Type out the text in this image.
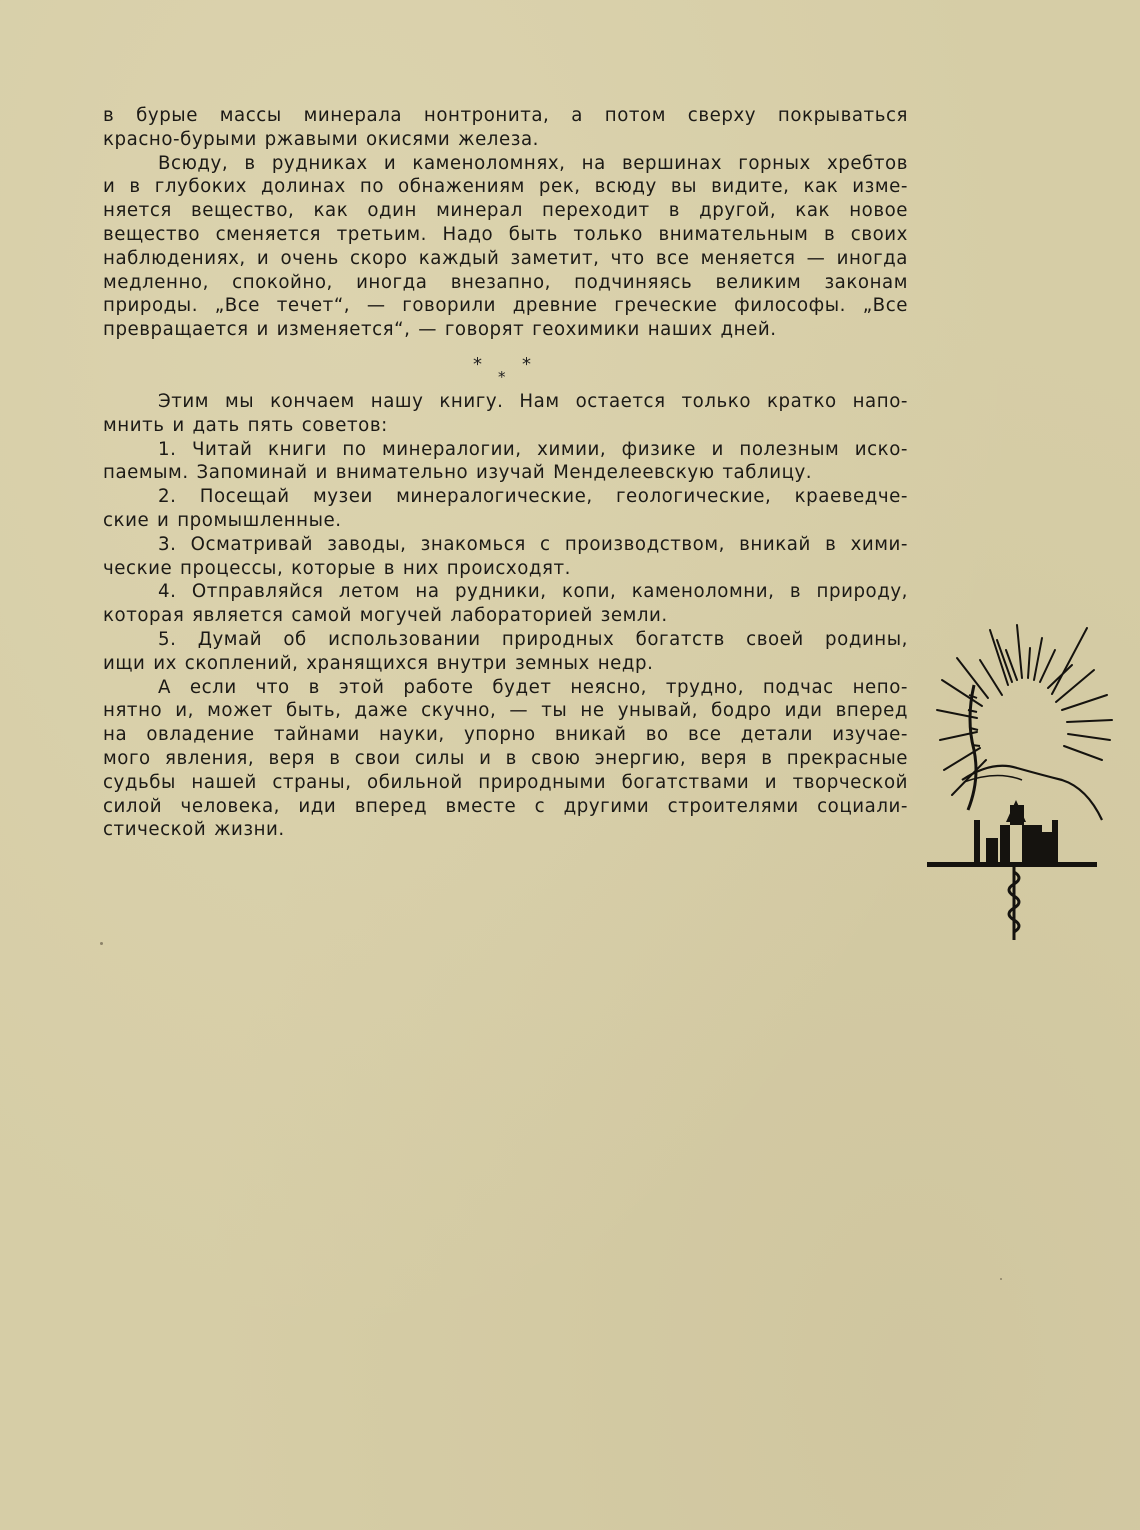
в бурые массы минерала нонтронита, а потом сверху покрываться
красно-бурыми ржавыми окисями железа.
Всюду, в рудниках и каменоломнях, на вершинах горных хребтов
и в глубоких долинах по обнажениям рек, всюду вы видите, как изме-
няется вещество, как один минерал переходит в другой, как новое
вещество сменяется третьим. Надо быть только внимательным в своих
наблюдениях, и очень скоро каждый заметит, что все меняется — иногда
медленно, спокойно, иногда внезапно, подчиняясь великим законам
природы. „Все течет“, — говорили древние греческие философы. „Все
превращается и изменяется“, — говорят геохимики наших дней.
* *
*
Этим мы кончаем нашу книгу. Нам остается только кратко напо-
мнить и дать пять советов:
1. Читай книги по минералогии, химии, физике и полезным иско-
паемым. Запоминай и внимательно изучай Менделеевскую таблицу.
2. Посещай музеи минералогические, геологические, краеведче-
ские и промышленные.
3. Осматривай заводы, знакомься с производством, вникай в хими-
ческие процессы, которые в них происходят.
4. Отправляйся летом на рудники, копи, каменоломни, в природу,
которая является самой могучей лабораторией земли.
5. Думай об использовании природных богатств своей родины,
ищи их скоплений, хранящихся внутри земных недр.
А если что в этой работе будет неясно, трудно, подчас непо-
нятно и, может быть, даже скучно, — ты не унывай, бодро иди вперед
на овладение тайнами науки, упорно вникай во все детали изучае-
мого явления, веря в свои силы и в свою энергию, веря в прекрасные
судьбы нашей страны, обильной природными богатствами и творческой
силой человека, иди вперед вместе с другими строителями социали-
стической жизни.
